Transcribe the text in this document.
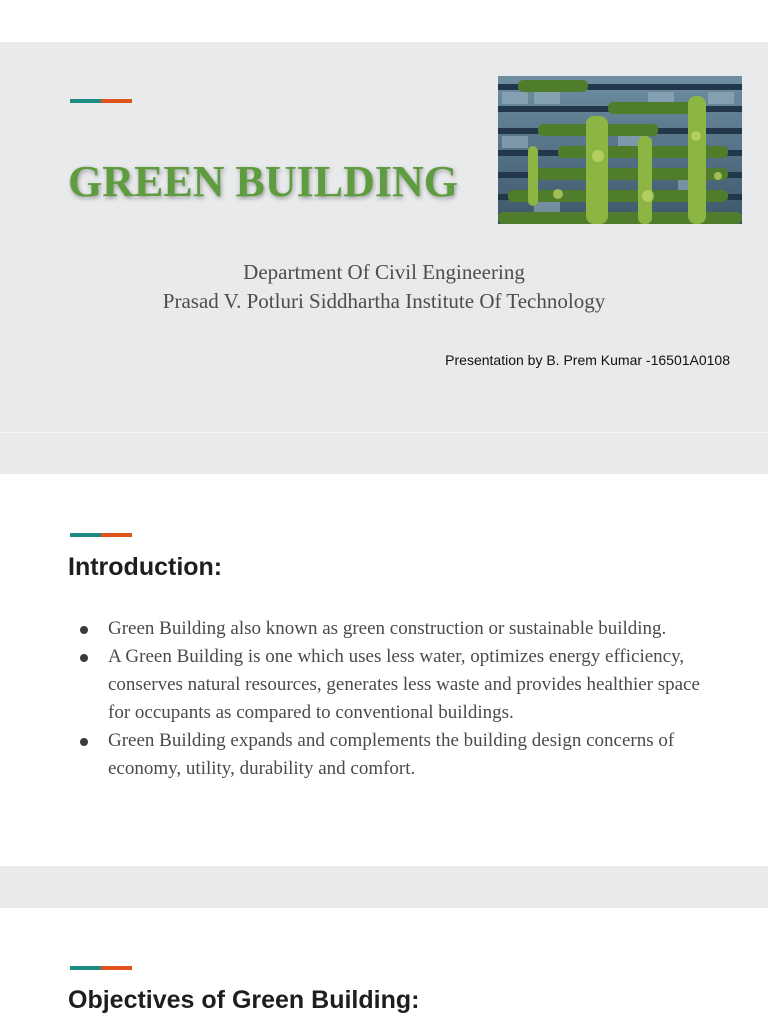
GREEN BUILDING

Department Of Civil Engineering

Prasad V. Potluri Siddhartha Institute Of Technology

Presentation by B. Prem Kumar -16501A0108

Introduction:
Green Building also known as green construction or sustainable building.
A Green Building is one which uses less water, optimizes energy efficiency, conserves natural resources, generates less waste and provides healthier space for occupants as compared to conventional buildings.
Green Building expands and complements the building design concerns of economy, utility, durability and comfort.
Objectives of Green Building:
